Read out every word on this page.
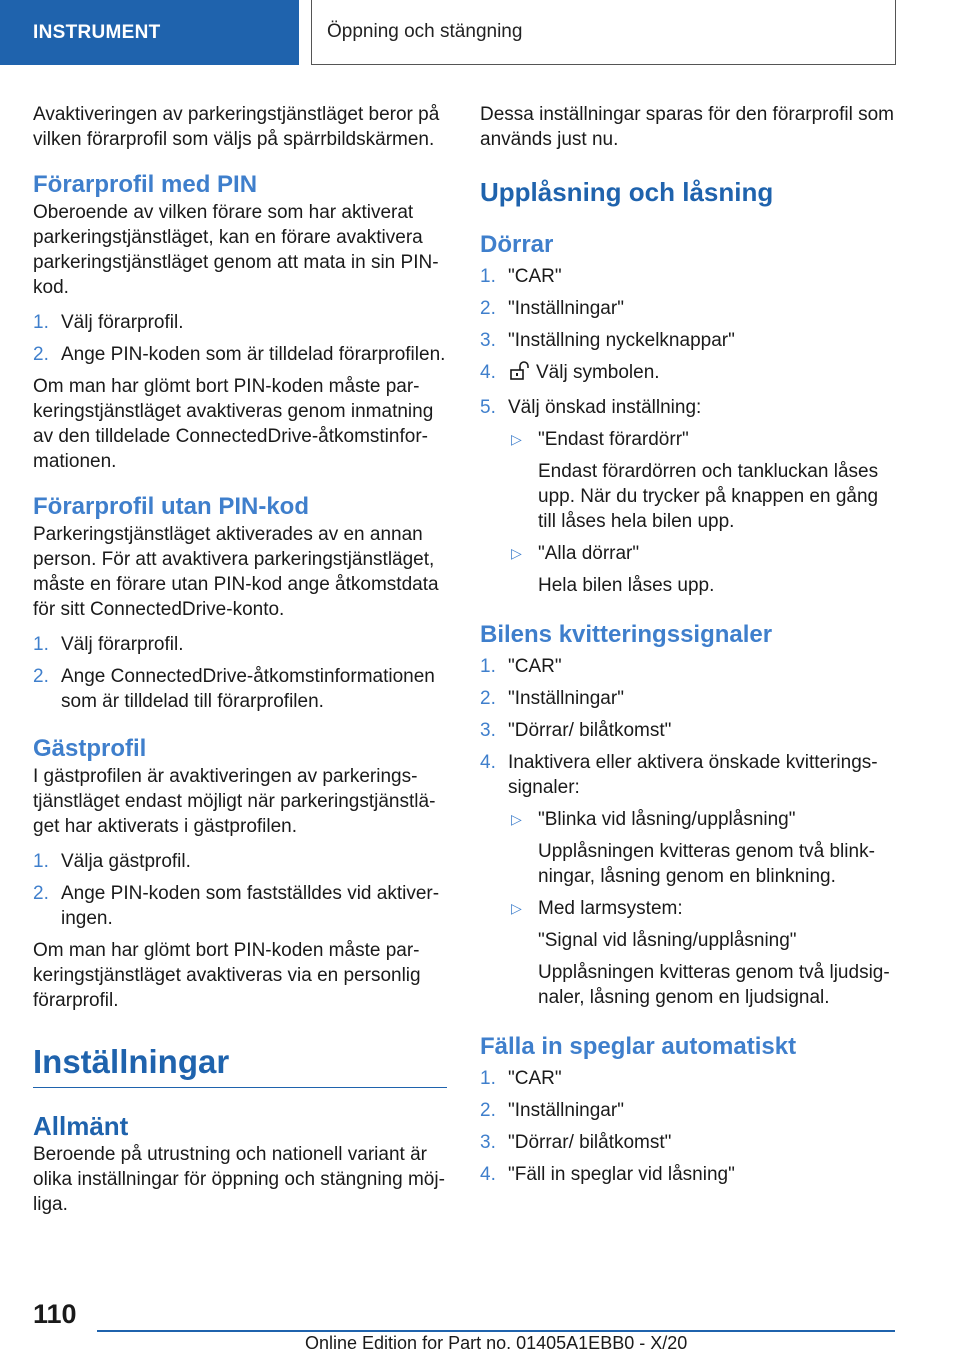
INSTRUMENT	Öppning och stängning

Avaktiveringen av parkeringstjänstläget beror på vilken förarprofil som väljs på spärrbildskärmen.

Förarprofil med PIN

Oberoende av vilken förare som har aktiverat parkeringstjänstläget, kan en förare avaktivera parkeringstjänstläget genom att mata in sin PIN-kod.

1. Välj förarprofil.
2. Ange PIN-koden som är tilldelad förarprofilen.

Om man har glömt bort PIN-koden måste parkeringstjänstläget avaktiveras genom inmatning av den tilldelade ConnectedDrive-åtkomstinformationen.

Förarprofil utan PIN-kod

Parkeringstjänstläget aktiverades av en annan person. För att avaktivera parkeringstjänstläget, måste en förare utan PIN-kod ange åtkomstdata för sitt ConnectedDrive-konto.

1. Välj förarprofil.
2. Ange ConnectedDrive-åtkomstinformationen som är tilldelad till förarprofilen.
Gästprofil

I gästprofilen är avaktiveringen av parkeringstjänstläget endast möjligt när parkeringstjänstläget har aktiverats i gästprofilen.

1. Välja gästprofil.
2. Ange PIN-koden som fastställdes vid aktiveringen.

Om man har glömt bort PIN-koden måste parkeringstjänstläget avaktiveras via en personlig förarprofil.

Inställningar
Allmänt

Beroende på utrustning och nationell variant är olika inställningar för öppning och stängning möjliga.

Dessa inställningar sparas för den förarprofil som används just nu.

Upplåsning och låsning
Dörrar
1. "CAR"
2. "Inställningar"
3. "Inställning nyckelknappar"
4. Välj symbolen.
5. Välj önskad inställning:
▷ "Endast förardörr"
Endast förardörren och tankluckan låses upp. När du trycker på knappen en gång till låses hela bilen upp.
▷ "Alla dörrar"
Hela bilen låses upp.
Bilens kvitteringssignaler
1. "CAR"
2. "Inställningar"
3. "Dörrar/ bilåtkomst"
4. Inaktivera eller aktivera önskade kvitteringssignaler:
▷ "Blinka vid låsning/upplåsning"
Upplåsningen kvitteras genom två blinkningar, låsning genom en blinkning.
▷ Med larmsystem:
"Signal vid låsning/upplåsning"
Upplåsningen kvitteras genom två ljudsignaler, låsning genom en ljudsignal.
Fälla in speglar automatiskt
1. "CAR"
2. "Inställningar"
3. "Dörrar/ bilåtkomst"
4. "Fäll in speglar vid låsning"
110
Online Edition for Part no. 01405A1EBB0 - X/20
